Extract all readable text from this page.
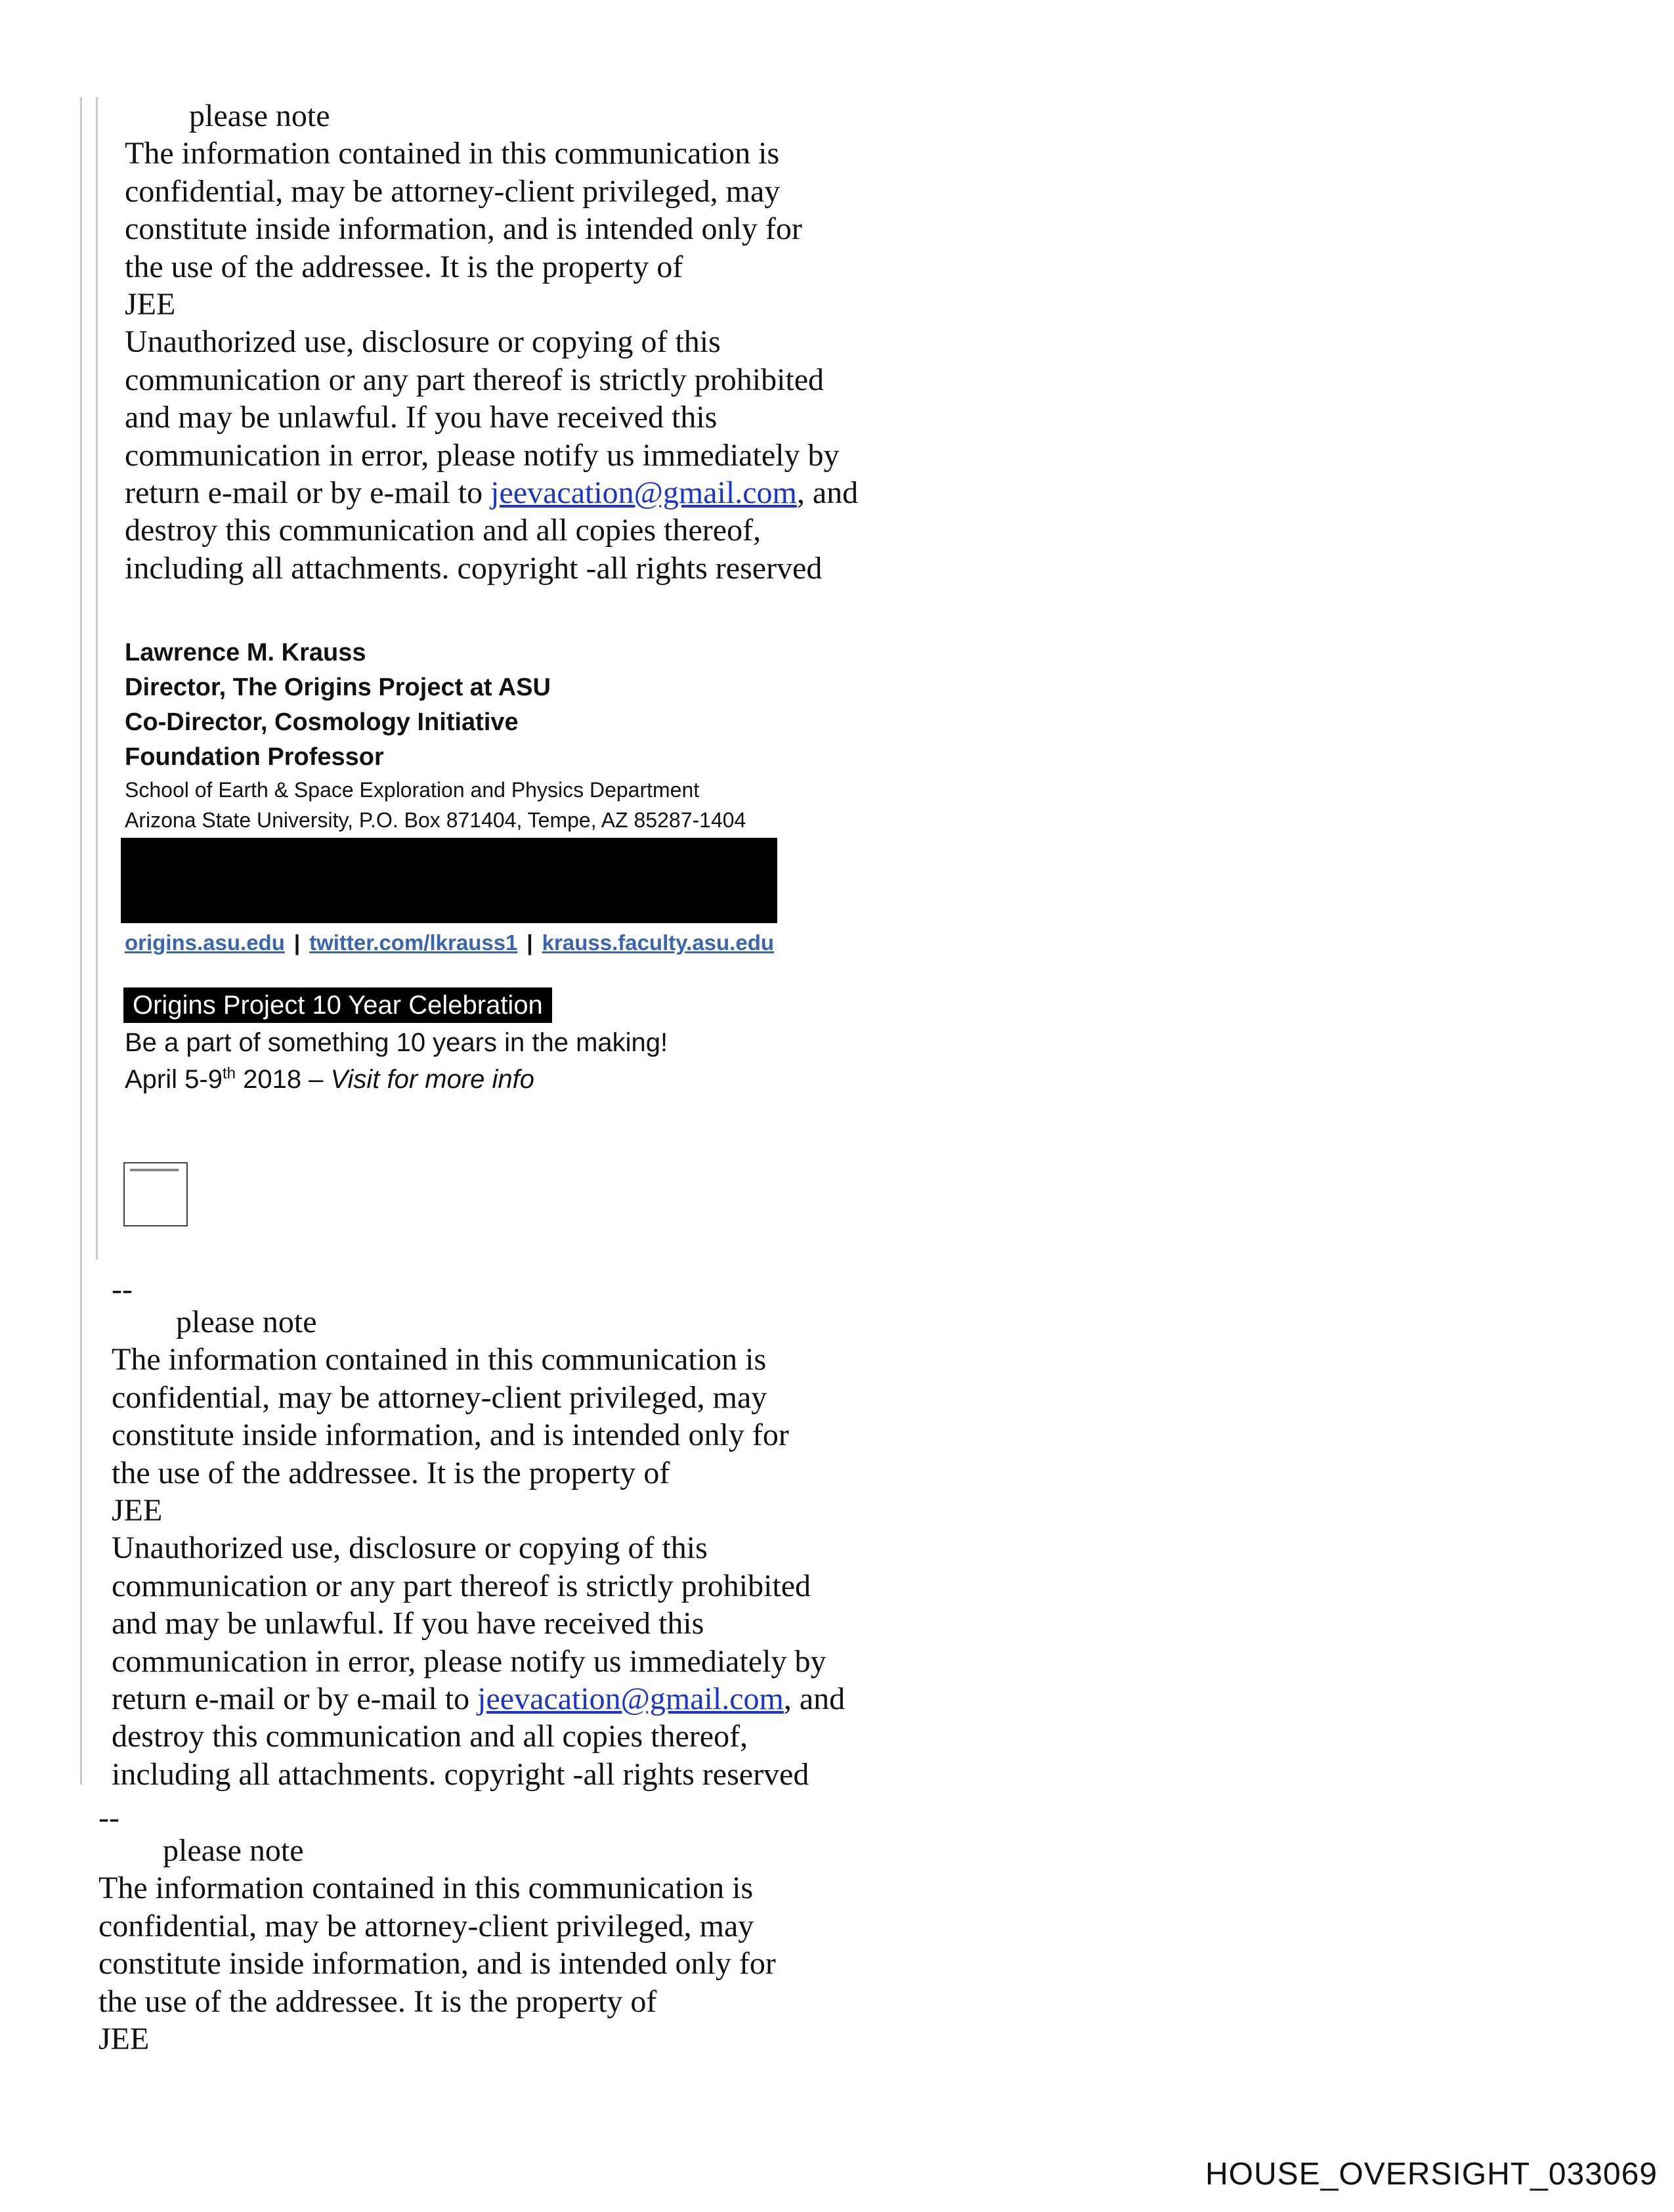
please note
The information contained in this communication is
confidential, may be attorney-client privileged, may
constitute inside information, and is intended only for
the use of the addressee. It is the property of
JEE
Unauthorized use, disclosure or copying of this
communication or any part thereof is strictly prohibited
and may be unlawful. If you have received this
communication in error, please notify us immediately by
return e-mail or by e-mail to jeevacation@gmail.com, and
destroy this communication and all copies thereof,
including all attachments. copyright -all rights reserved
Lawrence M. Krauss
Director, The Origins Project at ASU
Co-Director, Cosmology Initiative
Foundation Professor
School of Earth & Space Exploration and Physics Department
Arizona State University, P.O. Box 871404, Tempe, AZ 85287-1404
origins.asu.edu | twitter.com/lkrauss1 | krauss.faculty.asu.edu
Origins Project 10 Year Celebration
Be a part of something 10 years in the making!
April 5-9th 2018 – Visit for more info
--
please note
The information contained in this communication is
confidential, may be attorney-client privileged, may
constitute inside information, and is intended only for
the use of the addressee. It is the property of
JEE
Unauthorized use, disclosure or copying of this
communication or any part thereof is strictly prohibited
and may be unlawful. If you have received this
communication in error, please notify us immediately by
return e-mail or by e-mail to jeevacation@gmail.com, and
destroy this communication and all copies thereof,
including all attachments. copyright -all rights reserved
--
please note
The information contained in this communication is
confidential, may be attorney-client privileged, may
constitute inside information, and is intended only for
the use of the addressee. It is the property of
JEE
HOUSE_OVERSIGHT_033069
